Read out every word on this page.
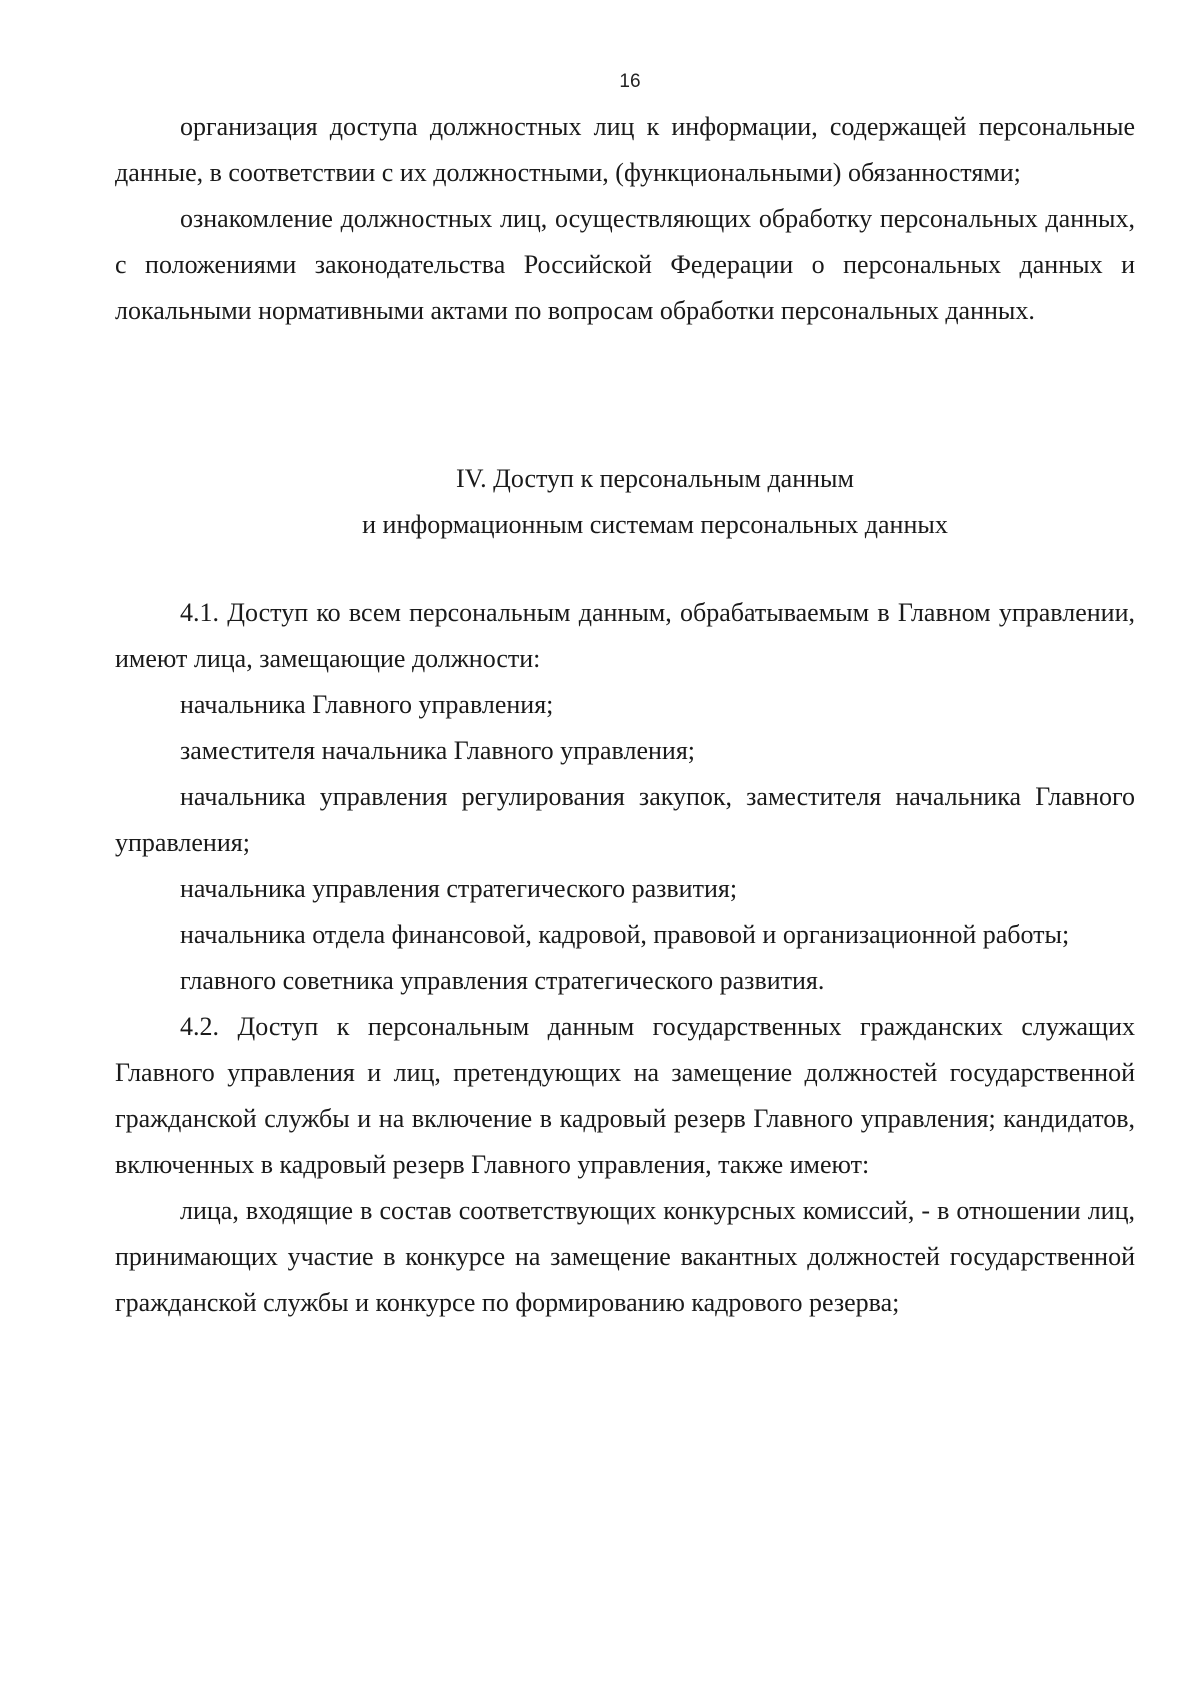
16

организация доступа должностных лиц к информации, содержащей персональные данные, в соответствии с их должностными, (функциональными) обязанностями;

ознакомление должностных лиц, осуществляющих обработку персональных данных, с положениями законодательства Российской Федерации о персональных данных и локальными нормативными актами по вопросам обработки персональных данных.

IV. Доступ к персональным данным

и информационным системам персональных данных

4.1. Доступ ко всем персональным данным, обрабатываемым в Главном управлении, имеют лица, замещающие должности:

начальника Главного управления;

заместителя начальника Главного управления;

начальника управления регулирования закупок, заместителя начальника Главного управления;

начальника управления стратегического развития;

начальника отдела финансовой, кадровой, правовой и организационной работы;

главного советника управления стратегического развития.

4.2. Доступ к персональным данным государственных гражданских служащих Главного управления и лиц, претендующих на замещение должностей государственной гражданской службы и на включение в кадровый резерв Главного управления; кандидатов, включенных в кадровый резерв Главного управления, также имеют:

лица, входящие в состав соответствующих конкурсных комиссий, - в отношении лиц, принимающих участие в конкурсе на замещение вакантных должностей государственной гражданской службы и конкурсе по формированию кадрового резерва;
